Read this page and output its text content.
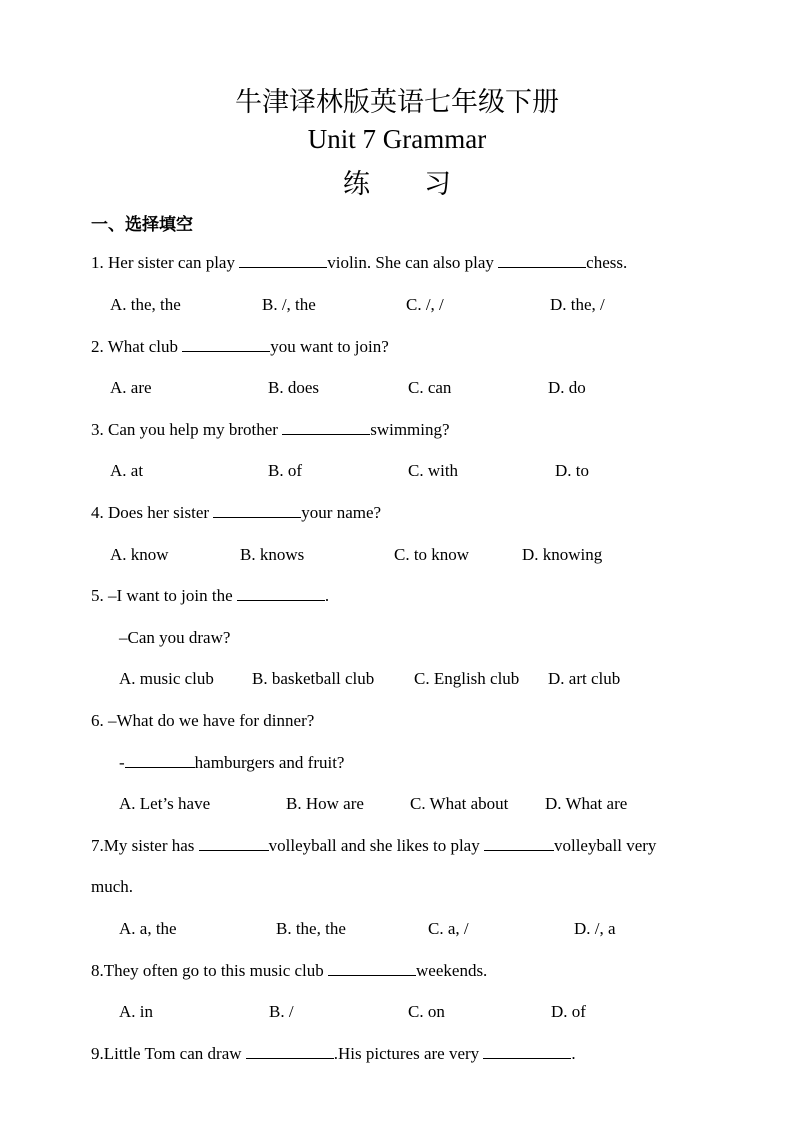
牛津译林版英语七年级下册
Unit 7 Grammar
练　　习
一、选择填空
1. Her sister can play	violin. She can also play	chess.
A. the, the	B. /, the	C. /, /	D. the, /
2. What club	you want to join?
A. are	B. does	C. can	D. do
3. Can you help my brother	swimming?
A. at	B. of	C. with	D. to
4. Does her sister	your name?
A. know	B. knows	C. to know	D. knowing
5. –I want to join the	.
–Can you draw?
A. music club B. basketball club C. English club D. art club
6. –What do we have for dinner?
-	hamburgers and fruit?
A. Let’s have	B. How are	C. What about D. What are
7.My sister has	volleyball and she likes to play	volleyball very
much.
A. a, the	B. the, the	C. a, /	D. /, a
8.They often go to this music club	weekends.
A. in	B. /	C. on	D. of
9.Little Tom can draw	.His pictures are very	.
